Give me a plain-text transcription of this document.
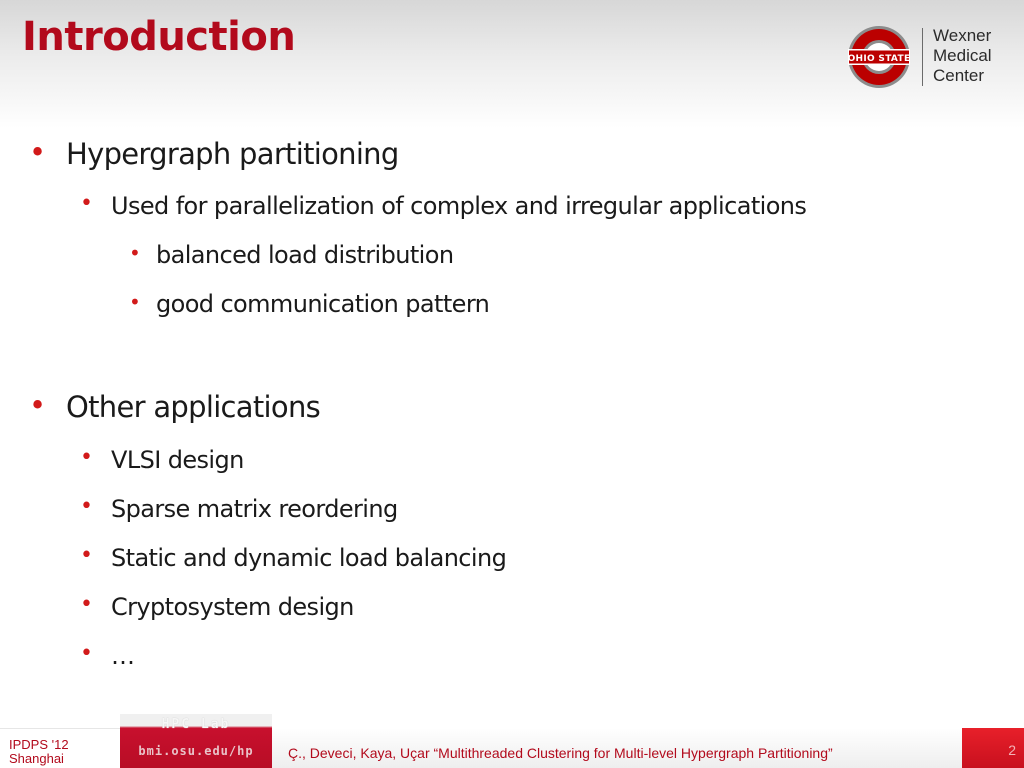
Introduction	OHIO STATE
Wexner
Medical
Center
• Hypergraph partitioning
• Used for parallelization of complex and irregular applications
• balanced load distribution
• good communication pattern
• Other applications
• VLSI design
• Sparse matrix reordering
• Static and dynamic load balancing
• Cryptosystem design
• …
IPDPS '12
Shanghai
HPC Lab
bmi.osu.edu/hp	Ç., Deveci, Kaya, Uçar “Multithreaded Clustering for Multi-level Hypergraph Partitioning”	2
